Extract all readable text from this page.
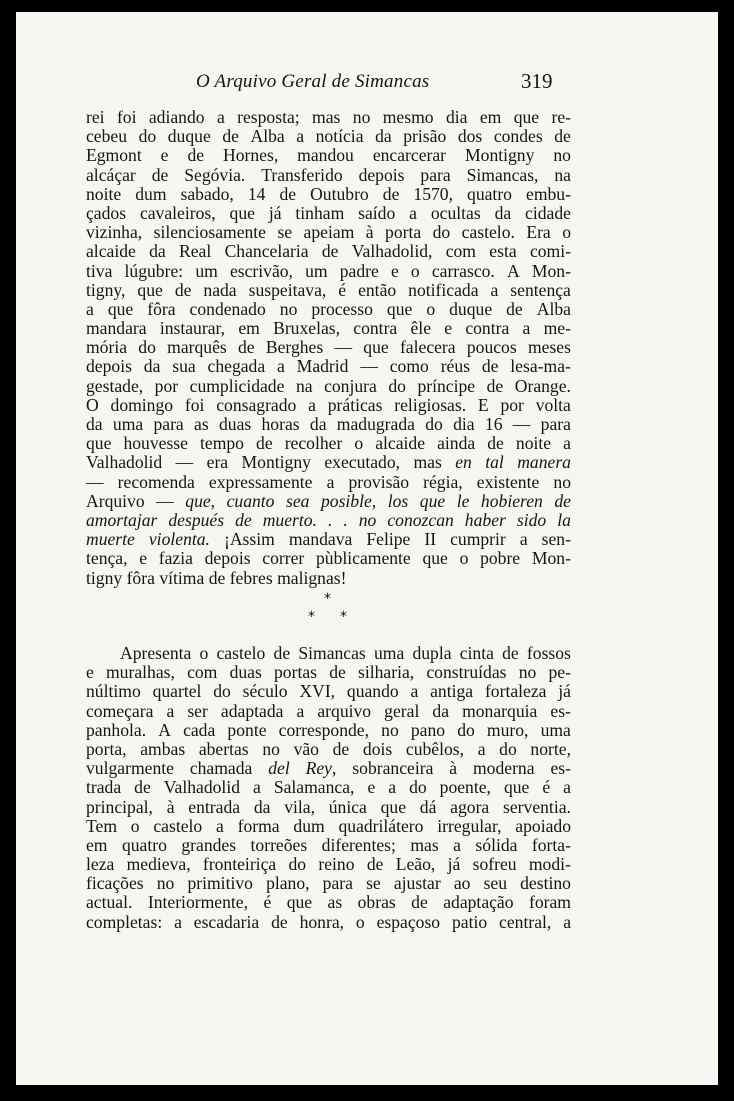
O Arquivo Geral de Simancas	319
rei foi adiando a resposta; mas no mesmo dia em que re-
cebeu do duque de Alba a notícia da prisão dos condes de
Egmont e de Hornes, mandou encarcerar Montigny no
alcáçar de Segóvia. Transferido depois para Simancas, na
noite dum sabado, 14 de Outubro de 1570, quatro embu-
çados cavaleiros, que já tinham saído a ocultas da cidade
vizinha, silenciosamente se apeiam à porta do castelo. Era o
alcaide da Real Chancelaria de Valhadolid, com esta comi-
tiva lúgubre: um escrivão, um padre e o carrasco. A Mon-
tigny, que de nada suspeitava, é então notificada a sentença
a que fôra condenado no processo que o duque de Alba
mandara instaurar, em Bruxelas, contra êle e contra a me-
mória do marquês de Berghes — que falecera poucos meses
depois da sua chegada a Madrid — como réus de lesa-ma-
gestade, por cumplicidade na conjura do príncipe de Orange.
O domingo foi consagrado a práticas religiosas. E por volta
da uma para as duas horas da madugrada do dia 16 — para
que houvesse tempo de recolher o alcaide ainda de noite a
Valhadolid — era Montigny executado, mas en tal manera
— recomenda expressamente a provisão régia, existente no
Arquivo — que, cuanto sea posible, los que le hobieren de
amortajar después de muerto. . . no conozcan haber sido la
muerte violenta. ¡Assim mandava Felipe II cumprir a sen-
tença, e fazia depois correr pùblicamente que o pobre Mon-
tigny
fôra
vítima
de
febres
malignas!

*
* *
Apresenta o castelo de Simancas uma dupla cinta de fossos
e muralhas, com duas portas de silharia, construídas no pe-
núltimo quartel do século XVI, quando a antiga fortaleza já
começara a ser adaptada a arquivo geral da monarquia es-
panhola. A cada ponte corresponde, no pano do muro, uma
porta, ambas abertas no vão de dois cubêlos, a do norte,
vulgarmente chamada del Rey, sobranceira à moderna es-
trada de Valhadolid a Salamanca, e a do poente, que é a
principal, à entrada da vila, única que dá agora serventia.
Tem o castelo a forma dum quadrilátero irregular, apoiado
em quatro grandes torreões diferentes; mas a sólida forta-
leza medieva, fronteiriça do reino de Leão, já sofreu modi-
ficações no primitivo plano, para se ajustar ao seu destino
actual. Interiormente, é que as obras de adaptação foram
completas: a escadaria de honra, o espaçoso patio central, a
